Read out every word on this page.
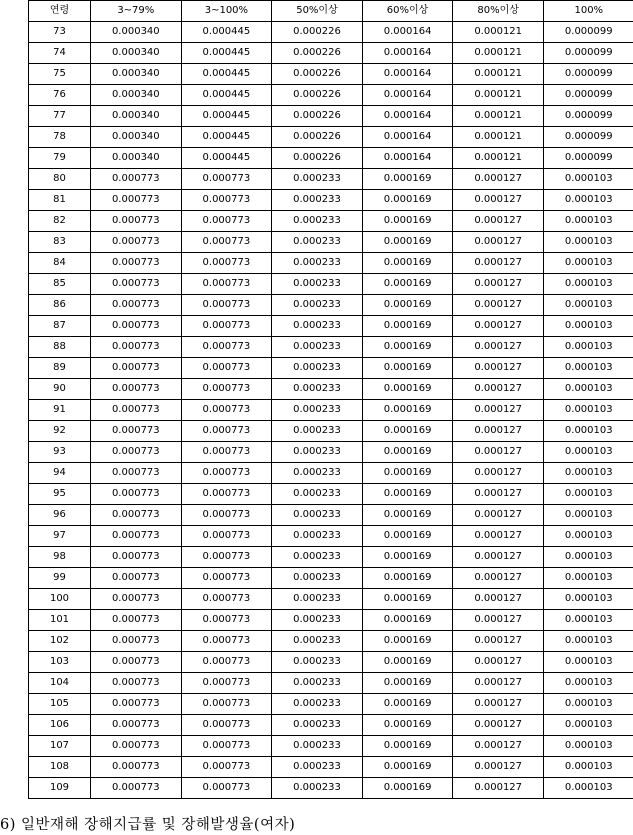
연령	3~79%	3~100%	50%이상	60%이상	80%이상	100%
73	0.000340	0.000445	0.000226	0.000164	0.000121	0.000099
74	0.000340	0.000445	0.000226	0.000164	0.000121	0.000099
75	0.000340	0.000445	0.000226	0.000164	0.000121	0.000099
76	0.000340	0.000445	0.000226	0.000164	0.000121	0.000099
77	0.000340	0.000445	0.000226	0.000164	0.000121	0.000099
78	0.000340	0.000445	0.000226	0.000164	0.000121	0.000099
79	0.000340	0.000445	0.000226	0.000164	0.000121	0.000099
80	0.000773	0.000773	0.000233	0.000169	0.000127	0.000103
81	0.000773	0.000773	0.000233	0.000169	0.000127	0.000103
82	0.000773	0.000773	0.000233	0.000169	0.000127	0.000103
83	0.000773	0.000773	0.000233	0.000169	0.000127	0.000103
84	0.000773	0.000773	0.000233	0.000169	0.000127	0.000103
85	0.000773	0.000773	0.000233	0.000169	0.000127	0.000103
86	0.000773	0.000773	0.000233	0.000169	0.000127	0.000103
87	0.000773	0.000773	0.000233	0.000169	0.000127	0.000103
88	0.000773	0.000773	0.000233	0.000169	0.000127	0.000103
89	0.000773	0.000773	0.000233	0.000169	0.000127	0.000103
90	0.000773	0.000773	0.000233	0.000169	0.000127	0.000103
91	0.000773	0.000773	0.000233	0.000169	0.000127	0.000103
92	0.000773	0.000773	0.000233	0.000169	0.000127	0.000103
93	0.000773	0.000773	0.000233	0.000169	0.000127	0.000103
94	0.000773	0.000773	0.000233	0.000169	0.000127	0.000103
95	0.000773	0.000773	0.000233	0.000169	0.000127	0.000103
96	0.000773	0.000773	0.000233	0.000169	0.000127	0.000103
97	0.000773	0.000773	0.000233	0.000169	0.000127	0.000103
98	0.000773	0.000773	0.000233	0.000169	0.000127	0.000103
99	0.000773	0.000773	0.000233	0.000169	0.000127	0.000103
100	0.000773	0.000773	0.000233	0.000169	0.000127	0.000103
101	0.000773	0.000773	0.000233	0.000169	0.000127	0.000103
102	0.000773	0.000773	0.000233	0.000169	0.000127	0.000103
103	0.000773	0.000773	0.000233	0.000169	0.000127	0.000103
104	0.000773	0.000773	0.000233	0.000169	0.000127	0.000103
105	0.000773	0.000773	0.000233	0.000169	0.000127	0.000103
106	0.000773	0.000773	0.000233	0.000169	0.000127	0.000103
107	0.000773	0.000773	0.000233	0.000169	0.000127	0.000103
108	0.000773	0.000773	0.000233	0.000169	0.000127	0.000103
109	0.000773	0.000773	0.000233	0.000169	0.000127	0.000103
6) 일반재해 장해지급률 및 장해발생율(여자)
